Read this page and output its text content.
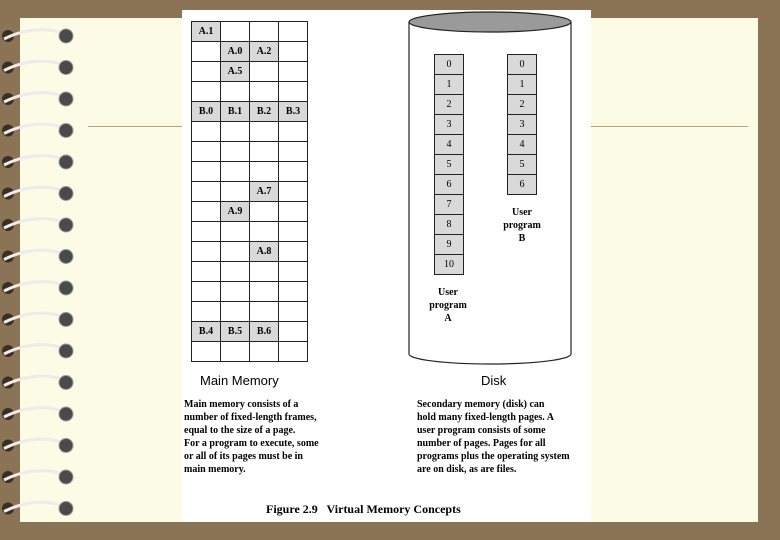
A.1			
	A.0	A.2	
	A.5		

B.0	B.1	B.2	B.3

		A.7	
	A.9		

		A.8	

B.4	B.5	B.6	

0
1
2
3
4
5
6
7
8
9
10
0
1
2
3
4
5
6
User
program
A
User
program
B
Main Memory	Disk
Main memory consists of a
number of fixed-length frames,
equal to the size of a page.
For a program to execute, some
or all of its pages must be in
main memory.
Secondary memory (disk) can
hold many fixed-length pages. A
user program consists of some
number of pages. Pages for all
programs plus the operating system
are on disk, as are files.
Figure 2.9   Virtual Memory Concepts
